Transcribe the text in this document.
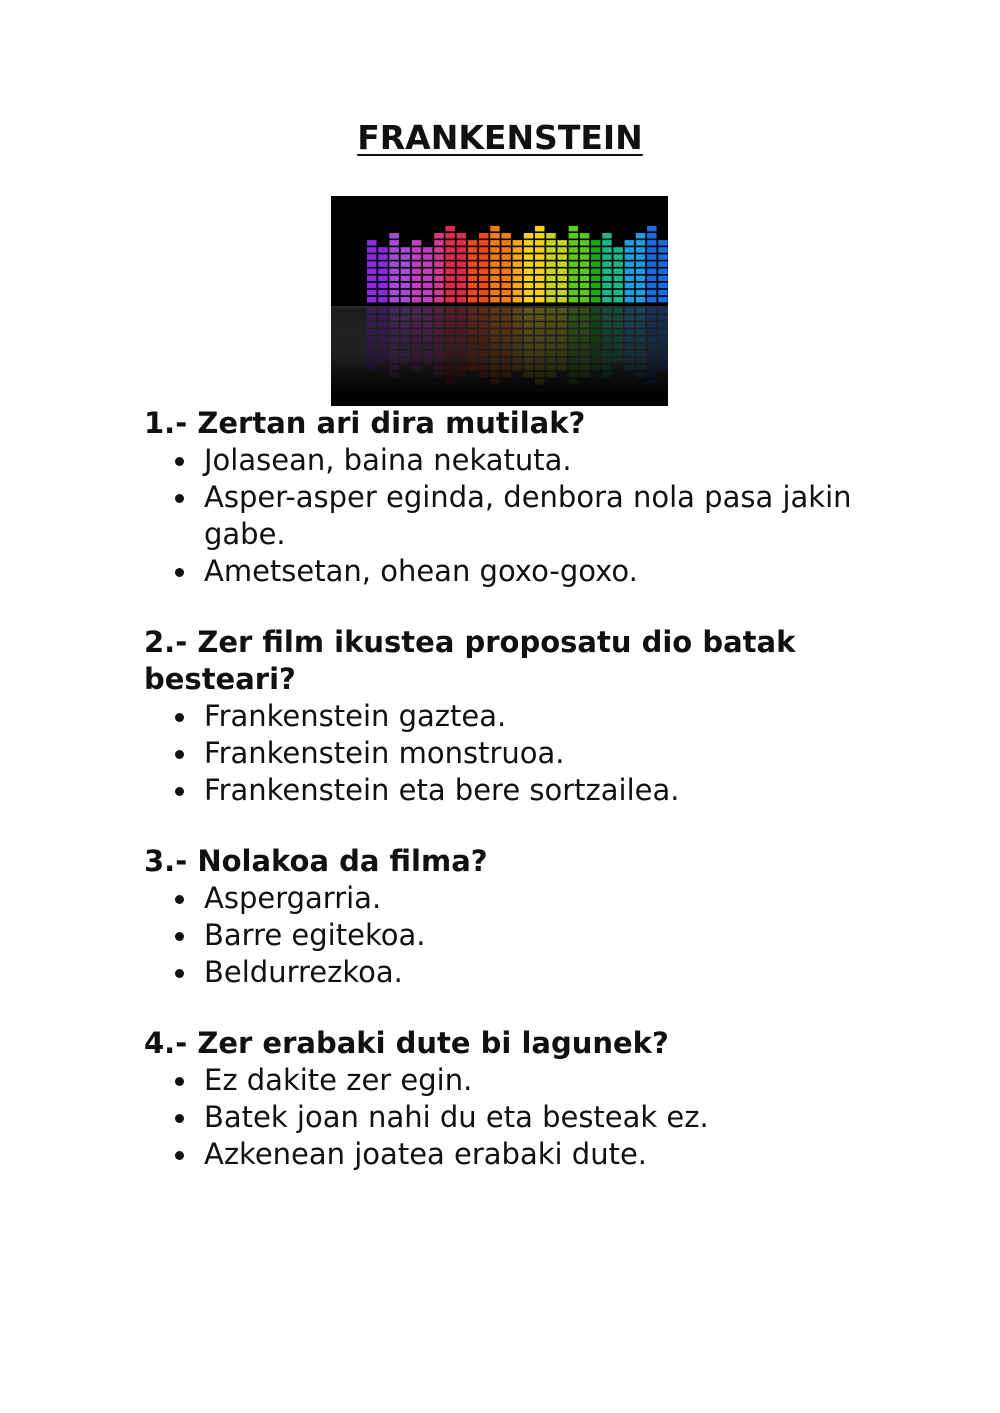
FRANKENSTEIN

1.- Zertan ari dira mutilak?

Jolasean, baina nekatuta.
Asper-asper eginda, denbora nola pasa jakin gabe.
Ametsetan, ohean goxo-goxo.

2.- Zer film ikustea proposatu dio batak besteari?

Frankenstein gaztea.
Frankenstein monstruoa.
Frankenstein eta bere sortzailea.

3.- Nolakoa da filma?

Aspergarria.
Barre egitekoa.
Beldurrezkoa.

4.- Zer erabaki dute bi lagunek?

Ez dakite zer egin.
Batek joan nahi du eta besteak ez.
Azkenean joatea erabaki dute.
